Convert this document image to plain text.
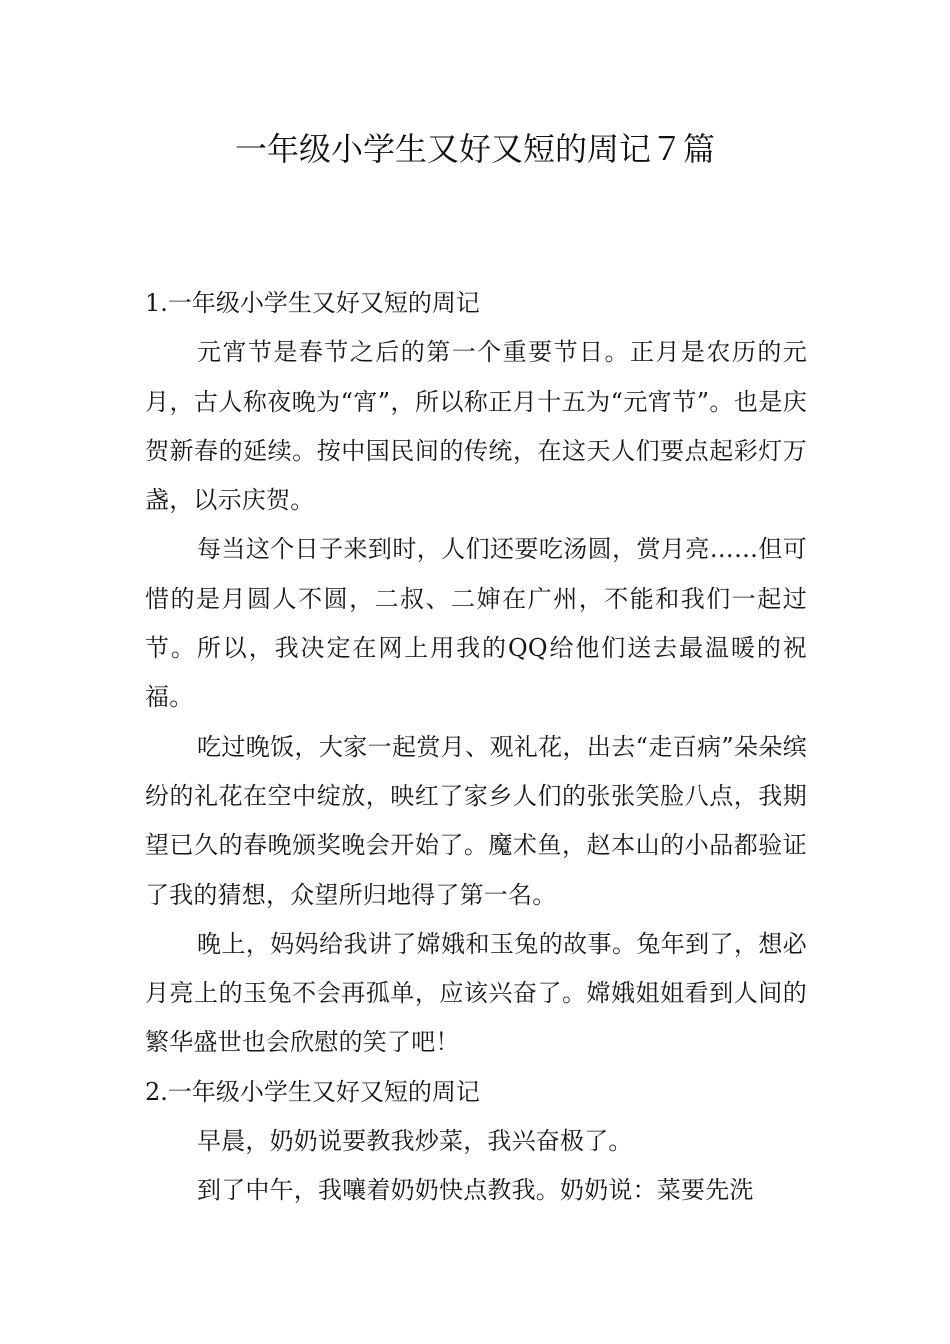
一年级小学生又好又短的周记７篇
1.一年级小学生又好又短的周记

元宵节是春节之后的第一个重要节日。正月是农历的元月，古人称夜晚为“宵”，所以称正月十五为“元宵节”。也是庆贺新春的延续。按中国民间的传统，在这天人们要点起彩灯万盏，以示庆贺。

每当这个日子来到时，人们还要吃汤圆，赏月亮……但可惜的是月圆人不圆，二叔、二婶在广州，不能和我们一起过节。所以，我决定在网上用我的QQ给他们送去最温暖的祝福。

吃过晚饭，大家一起赏月、观礼花，出去“走百病”朵朵缤纷的礼花在空中绽放，映红了家乡人们的张张笑脸八点，我期望已久的春晚颁奖晚会开始了。魔术鱼，赵本山的小品都验证了我的猜想，众望所归地得了第一名。

晚上，妈妈给我讲了嫦娥和玉兔的故事。兔年到了，想必月亮上的玉兔不会再孤单，应该兴奋了。嫦娥姐姐看到人间的繁华盛世也会欣慰的笑了吧！

2.一年级小学生又好又短的周记

早晨，奶奶说要教我炒菜，我兴奋极了。

到了中午，我嚷着奶奶快点教我。奶奶说：菜要先洗
